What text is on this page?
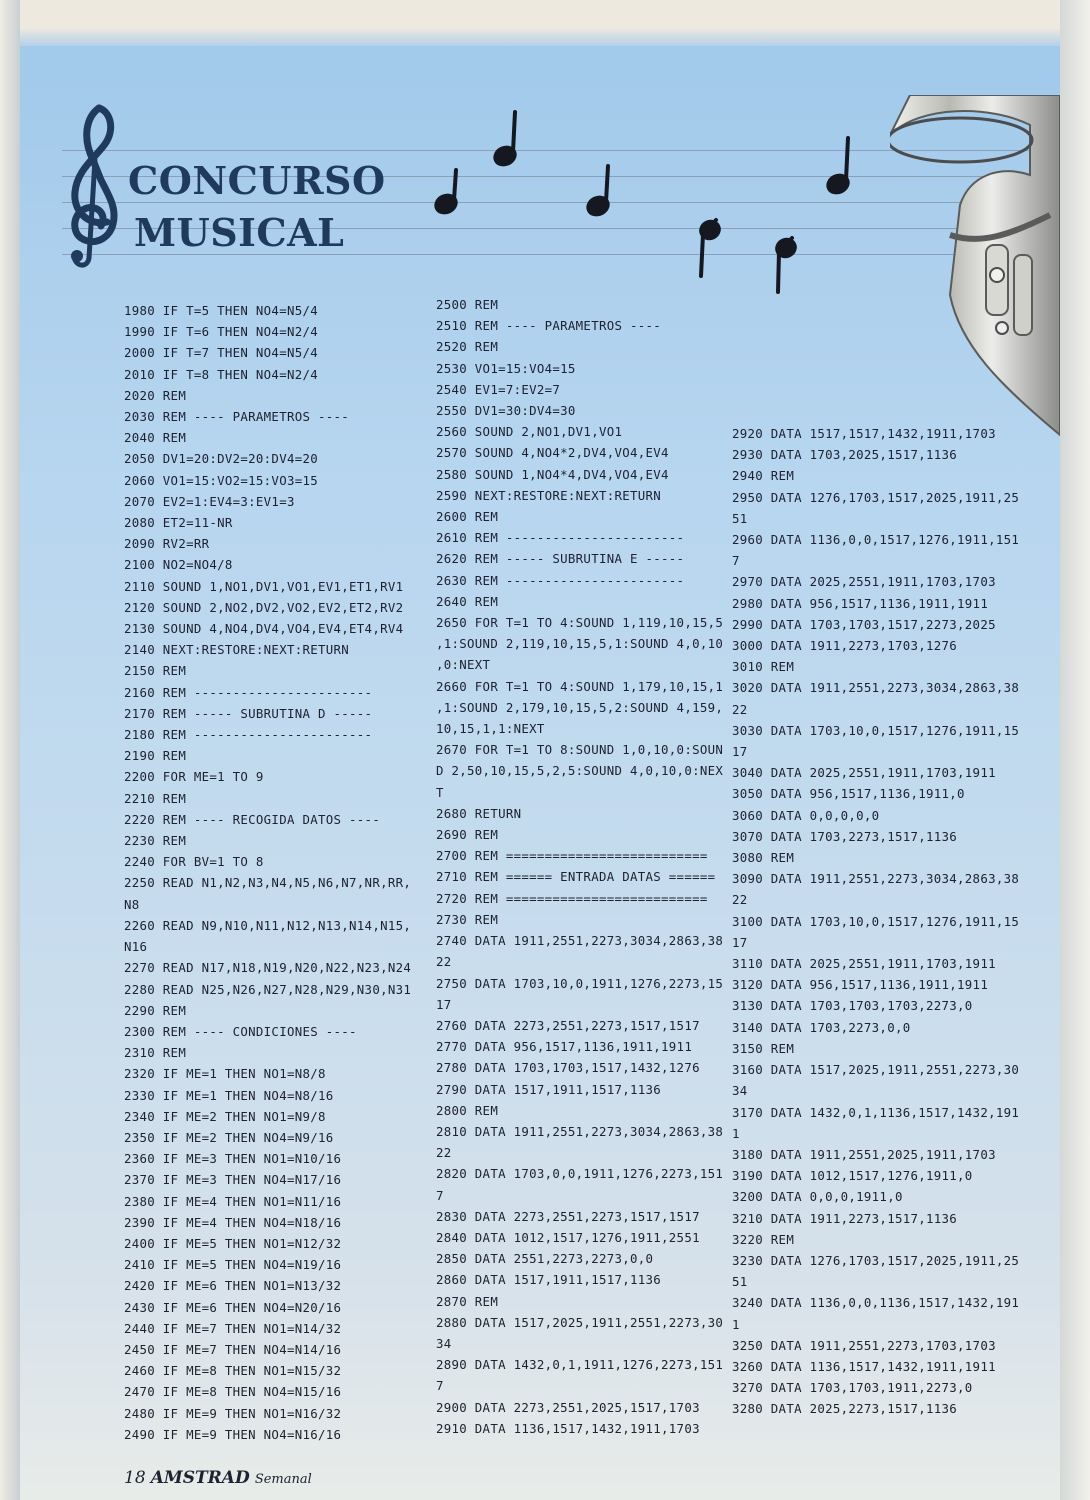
CONCURSO
MUSICAL
1980 IF T=5 THEN NO4=N5/4
1990 IF T=6 THEN NO4=N2/4
2000 IF T=7 THEN NO4=N5/4
2010 IF T=8 THEN NO4=N2/4
2020 REM
2030 REM ---- PARAMETROS ----
2040 REM
2050 DV1=20:DV2=20:DV4=20
2060 VO1=15:VO2=15:VO3=15
2070 EV2=1:EV4=3:EV1=3
2080 ET2=11-NR
2090 RV2=RR
2100 NO2=NO4/8
2110 SOUND 1,NO1,DV1,VO1,EV1,ET1,RV1
2120 SOUND 2,NO2,DV2,VO2,EV2,ET2,RV2
2130 SOUND 4,NO4,DV4,VO4,EV4,ET4,RV4
2140 NEXT:RESTORE:NEXT:RETURN
2150 REM
2160 REM -----------------------
2170 REM ----- SUBRUTINA D -----
2180 REM -----------------------
2190 REM
2200 FOR ME=1 TO 9
2210 REM
2220 REM ---- RECOGIDA DATOS ----
2230 REM
2240 FOR BV=1 TO 8
2250 READ N1,N2,N3,N4,N5,N6,N7,NR,RR,
N8
2260 READ N9,N10,N11,N12,N13,N14,N15,
N16
2270 READ N17,N18,N19,N20,N22,N23,N24
2280 READ N25,N26,N27,N28,N29,N30,N31
2290 REM
2300 REM ---- CONDICIONES ----
2310 REM
2320 IF ME=1 THEN NO1=N8/8
2330 IF ME=1 THEN NO4=N8/16
2340 IF ME=2 THEN NO1=N9/8
2350 IF ME=2 THEN NO4=N9/16
2360 IF ME=3 THEN NO1=N10/16
2370 IF ME=3 THEN NO4=N17/16
2380 IF ME=4 THEN NO1=N11/16
2390 IF ME=4 THEN NO4=N18/16
2400 IF ME=5 THEN NO1=N12/32
2410 IF ME=5 THEN NO4=N19/16
2420 IF ME=6 THEN NO1=N13/32
2430 IF ME=6 THEN NO4=N20/16
2440 IF ME=7 THEN NO1=N14/32
2450 IF ME=7 THEN NO4=N14/16
2460 IF ME=8 THEN NO1=N15/32
2470 IF ME=8 THEN NO4=N15/16
2480 IF ME=9 THEN NO1=N16/32
2490 IF ME=9 THEN NO4=N16/16
2500 REM
2510 REM ---- PARAMETROS ----
2520 REM
2530 VO1=15:VO4=15
2540 EV1=7:EV2=7
2550 DV1=30:DV4=30
2560 SOUND 2,NO1,DV1,VO1
2570 SOUND 4,NO4*2,DV4,VO4,EV4
2580 SOUND 1,NO4*4,DV4,VO4,EV4
2590 NEXT:RESTORE:NEXT:RETURN
2600 REM
2610 REM -----------------------
2620 REM ----- SUBRUTINA E -----
2630 REM -----------------------
2640 REM
2650 FOR T=1 TO 4:SOUND 1,119,10,15,5
,1:SOUND 2,119,10,15,5,1:SOUND 4,0,10
,0:NEXT
2660 FOR T=1 TO 4:SOUND 1,179,10,15,1
,1:SOUND 2,179,10,15,5,2:SOUND 4,159,
10,15,1,1:NEXT
2670 FOR T=1 TO 8:SOUND 1,0,10,0:SOUN
D 2,50,10,15,5,2,5:SOUND 4,0,10,0:NEX
T
2680 RETURN
2690 REM
2700 REM ==========================
2710 REM ====== ENTRADA DATAS ======
2720 REM ==========================
2730 REM
2740 DATA 1911,2551,2273,3034,2863,38
22
2750 DATA 1703,10,0,1911,1276,2273,15
17
2760 DATA 2273,2551,2273,1517,1517
2770 DATA 956,1517,1136,1911,1911
2780 DATA 1703,1703,1517,1432,1276
2790 DATA 1517,1911,1517,1136
2800 REM
2810 DATA 1911,2551,2273,3034,2863,38
22
2820 DATA 1703,0,0,1911,1276,2273,151
7
2830 DATA 2273,2551,2273,1517,1517
2840 DATA 1012,1517,1276,1911,2551
2850 DATA 2551,2273,2273,0,0
2860 DATA 1517,1911,1517,1136
2870 REM
2880 DATA 1517,2025,1911,2551,2273,30
34
2890 DATA 1432,0,1,1911,1276,2273,151
7
2900 DATA 2273,2551,2025,1517,1703
2910 DATA 1136,1517,1432,1911,1703
2920 DATA 1517,1517,1432,1911,1703
2930 DATA 1703,2025,1517,1136
2940 REM
2950 DATA 1276,1703,1517,2025,1911,25
51
2960 DATA 1136,0,0,1517,1276,1911,151
7
2970 DATA 2025,2551,1911,1703,1703
2980 DATA 956,1517,1136,1911,1911
2990 DATA 1703,1703,1517,2273,2025
3000 DATA 1911,2273,1703,1276
3010 REM
3020 DATA 1911,2551,2273,3034,2863,38
22
3030 DATA 1703,10,0,1517,1276,1911,15
17
3040 DATA 2025,2551,1911,1703,1911
3050 DATA 956,1517,1136,1911,0
3060 DATA 0,0,0,0,0
3070 DATA 1703,2273,1517,1136
3080 REM
3090 DATA 1911,2551,2273,3034,2863,38
22
3100 DATA 1703,10,0,1517,1276,1911,15
17
3110 DATA 2025,2551,1911,1703,1911
3120 DATA 956,1517,1136,1911,1911
3130 DATA 1703,1703,1703,2273,0
3140 DATA 1703,2273,0,0
3150 REM
3160 DATA 1517,2025,1911,2551,2273,30
34
3170 DATA 1432,0,1,1136,1517,1432,191
1
3180 DATA 1911,2551,2025,1911,1703
3190 DATA 1012,1517,1276,1911,0
3200 DATA 0,0,0,1911,0
3210 DATA 1911,2273,1517,1136
3220 REM
3230 DATA 1276,1703,1517,2025,1911,25
51
3240 DATA 1136,0,0,1136,1517,1432,191
1
3250 DATA 1911,2551,2273,1703,1703
3260 DATA 1136,1517,1432,1911,1911
3270 DATA 1703,1703,1911,2273,0
3280 DATA 2025,2273,1517,1136
18 AMSTRAD Semanal
